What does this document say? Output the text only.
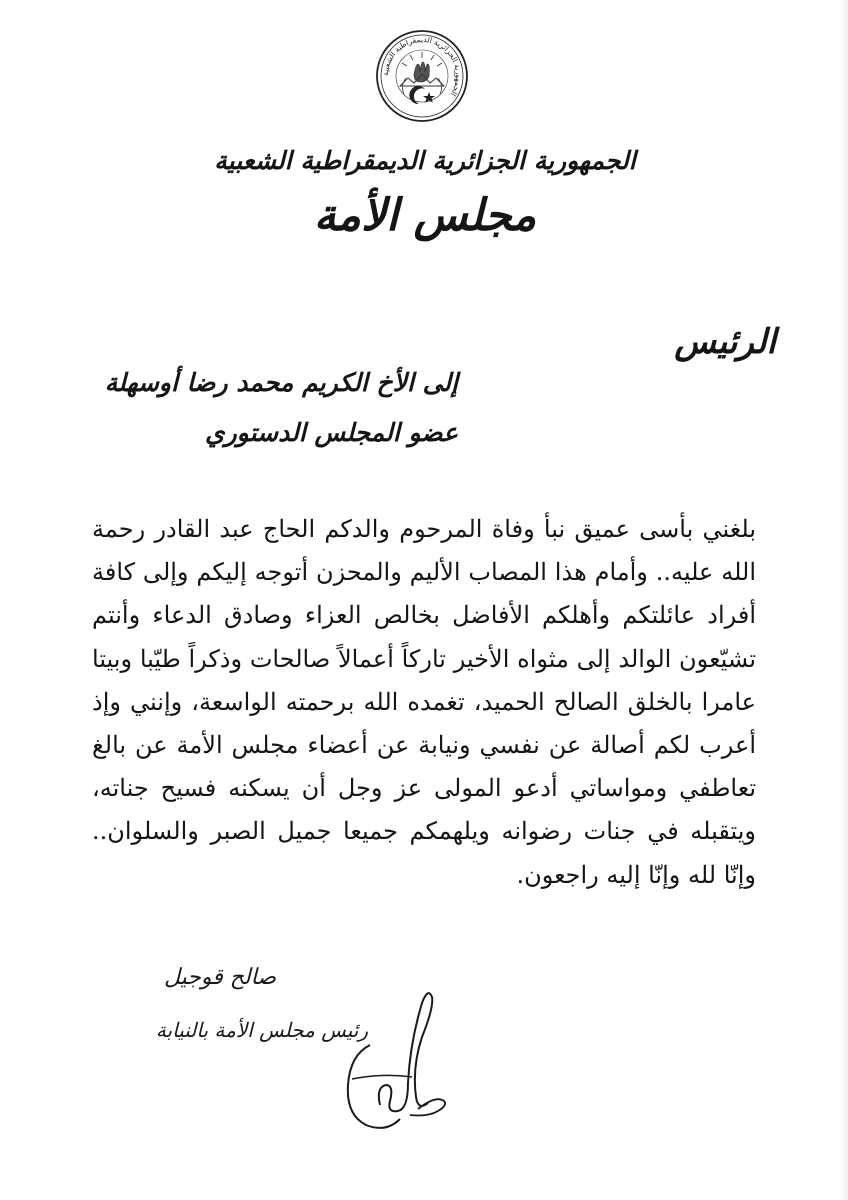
الجمهورية الجزائرية الديمقراطية الشعبية
الجمهورية الجزائرية الديمقراطية الشعبية
مجلس الأمة
الرئيس
إلى الأخ الكريم محمد رضا أوسهلة
عضو المجلس الدستوري
بلغني بأسى عميق نبأ وفاة المرحوم والدكم الحاج عبد القادر رحمة
الله عليه.. وأمام هذا المصاب الأليم والمحزن أتوجه إليكم وإلى كافة
أفراد عائلتكم وأهلكم الأفاضل بخالص العزاء وصادق الدعاء وأنتم
تشيّعون الوالد إلى مثواه الأخير تاركاً أعمالاً صالحات وذكراً طيّبا وبيتا
عامرا بالخلق الصالح الحميد، تغمده الله برحمته الواسعة، وإنني وإذ
أعرب لكم أصالة عن نفسي ونيابة عن أعضاء مجلس الأمة عن بالغ
تعاطفي ومواساتي أدعو المولى عز وجل أن يسكنه فسيح جناته،
ويتقبله في جنات رضوانه ويلهمكم جميعا جميل الصبر والسلوان..
وإنّا لله وإنّا إليه راجعون.
صالح قوجيل
رئيس مجلس الأمة بالنيابة
